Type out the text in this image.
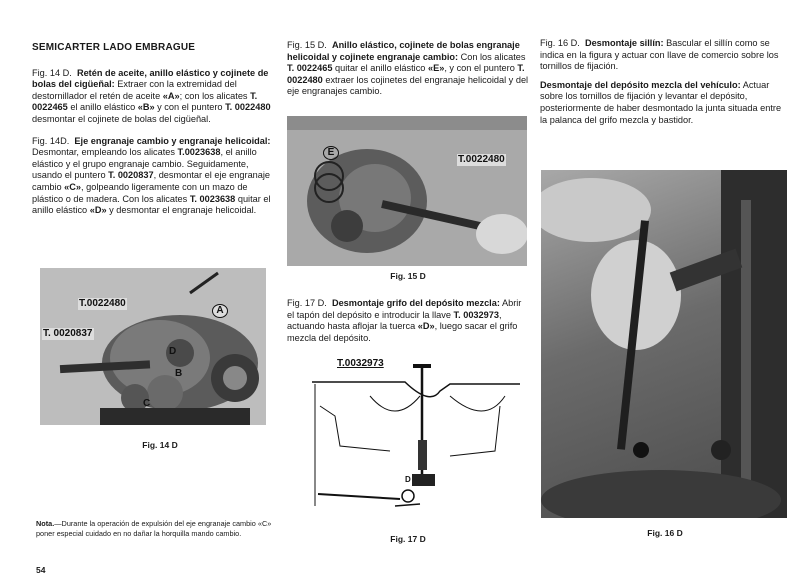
SEMICARTER LADO EMBRAGUE

Fig. 14 D. Retén de aceite, anillo elástico y cojinete de bolas del cigüeñal: Extraer con la extremidad del destornillador el retén de aceite «A»; con los alicates T. 0022465 el anillo elástico «B» y con el puntero T. 0022480 desmontar el cojinete de bolas del cigüeñal.

Fig. 14D. Eje engranaje cambio y engranaje helicoidal: Desmontar, empleando los alicates T.0023638, el anillo elástico y el grupo engranaje cambio. Seguidamente, usando el puntero T. 0020837, desmontar el eje engranaje cambio «C», golpeando ligeramente con un mazo de plástico o de madera. Con los alicates T. 0023638 quitar el anillo elástico «D» y desmontar el engranaje helicoidal.

T.0022480
T. 0020837
A
D
B
C
Fig. 14 D
Nota.—Durante la operación de expulsión del eje engranaje cambio «C» poner especial cuidado en no dañar la horquilla mando cambio.
54

Fig. 15 D. Anillo elástico, cojinete de bolas engranaje helicoidal y cojinete engranaje cambio: Con los alicates T. 0022465 quitar el anillo elástico «E», y con el puntero T. 0022480 extraer los cojinetes del engranaje helicoidal y del eje engranajes cambio.

T.0022480
E
Fig. 15 D

Fig. 17 D. Desmontaje grifo del depósito mezcla: Abrir el tapón del depósito e introducir la llave T. 0032973, actuando hasta aflojar la tuerca «D», luego sacar el grifo mezcla del depósito.

T.0032973
D
Fig. 17 D

Fig. 16 D. Desmontaje sillín: Bascular el sillín como se indica en la figura y actuar con llave de comercio sobre los tornillos de fijación.

Desmontaje del depósito mezcla del vehículo: Actuar sobre los tornillos de fijación y levantar el depósito, posteriormente de haber desmontado la junta situada entre la palanca del grifo mezcla y bastidor.

Fig. 16 D
